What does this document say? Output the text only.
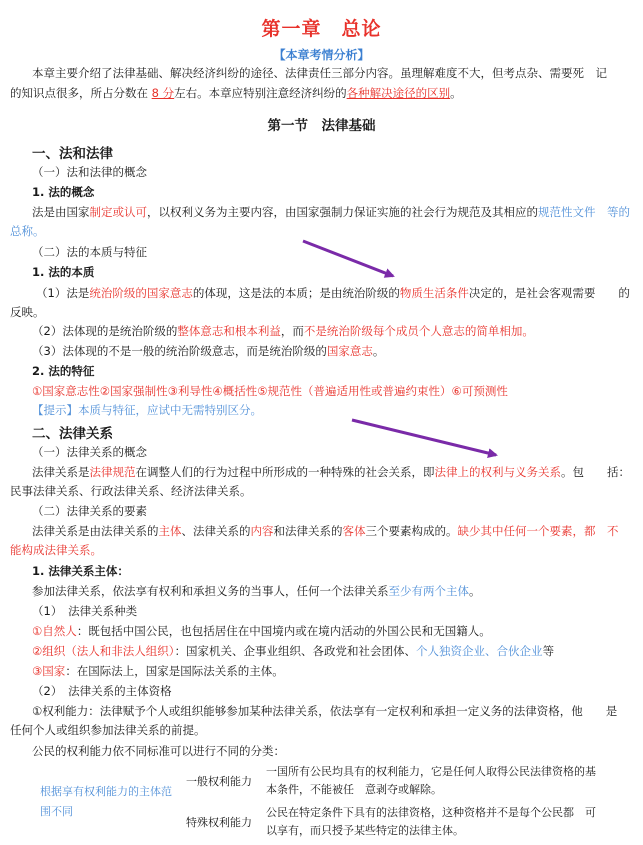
第一章　总论
【本章考情分析】
本章主要介绍了法律基础、解决经济纠纷的途径、法律责任三部分内容。虽理解难度不大，但考点杂、需要死　记
的知识点很多，所占分数在 8 分左右。本章应特别注意经济纠纷的各种解决途径的区别。
第一节　法律基础
一、法和法律
（一）法和法律的概念
1. 法的概念
法是由国家制定或认可，以权利义务为主要内容，由国家强制力保证实施的社会行为规范及其相应的规范性文件　等的
总称。
（二）法的本质与特征
1. 法的本质
（1）法是统治阶级的国家意志的体现，这是法的本质；是由统治阶级的物质生活条件决定的，是社会客观需要　　的
反映。
（2）法体现的是统治阶级的整体意志和根本利益，而不是统治阶级每个成员个人意志的简单相加。
（3）法体现的不是一般的统治阶级意志，而是统治阶级的国家意志。
2. 法的特征
①国家意志性②国家强制性③利导性④概括性⑤规范性（普遍适用性或普遍约束性）⑥可预测性
【提示】本质与特征，应试中无需特别区分。
二、法律关系
（一）法律关系的概念
法律关系是法律规范在调整人们的行为过程中所形成的一种特殊的社会关系，即法律上的权利与义务关系。包　　括：
民事法律关系、行政法律关系、经济法律关系。
（二）法律关系的要素
法律关系是由法律关系的主体、法律关系的内容和法律关系的客体三个要素构成的。缺少其中任何一个要素，都　不
能构成法律关系。
1. 法律关系主体：
参加法律关系，依法享有权利和承担义务的当事人，任何一个法律关系至少有两个主体。
（1）　法律关系种类
①自然人：既包括中国公民，也包括居住在中国境内或在境内活动的外国公民和无国籍人。
②组织（法人和非法人组织）：国家机关、企事业组织、各政党和社会团体、个人独资企业、合伙企业等
③国家：在国际法上，国家是国际法关系的主体。
（2）　法律关系的主体资格
①权利能力：法律赋予个人或组织能够参加某种法律关系，依法享有一定权利和承担一定义务的法律资格，他　　是
任何个人或组织参加法律关系的前提。
公民的权利能力依不同标准可以进行不同的分类：
根据享有权利能力的主体范围不同	一般权利能力	一国所有公民均具有的权利能力，它是任何人取得公民法律资格的基本条件，不能被任　意剥夺或解除。
	特殊权利能力	公民在特定条件下具有的法律资格，这种资格并不是每个公民都　可以享有，而只授予某些特定的法律主体。
